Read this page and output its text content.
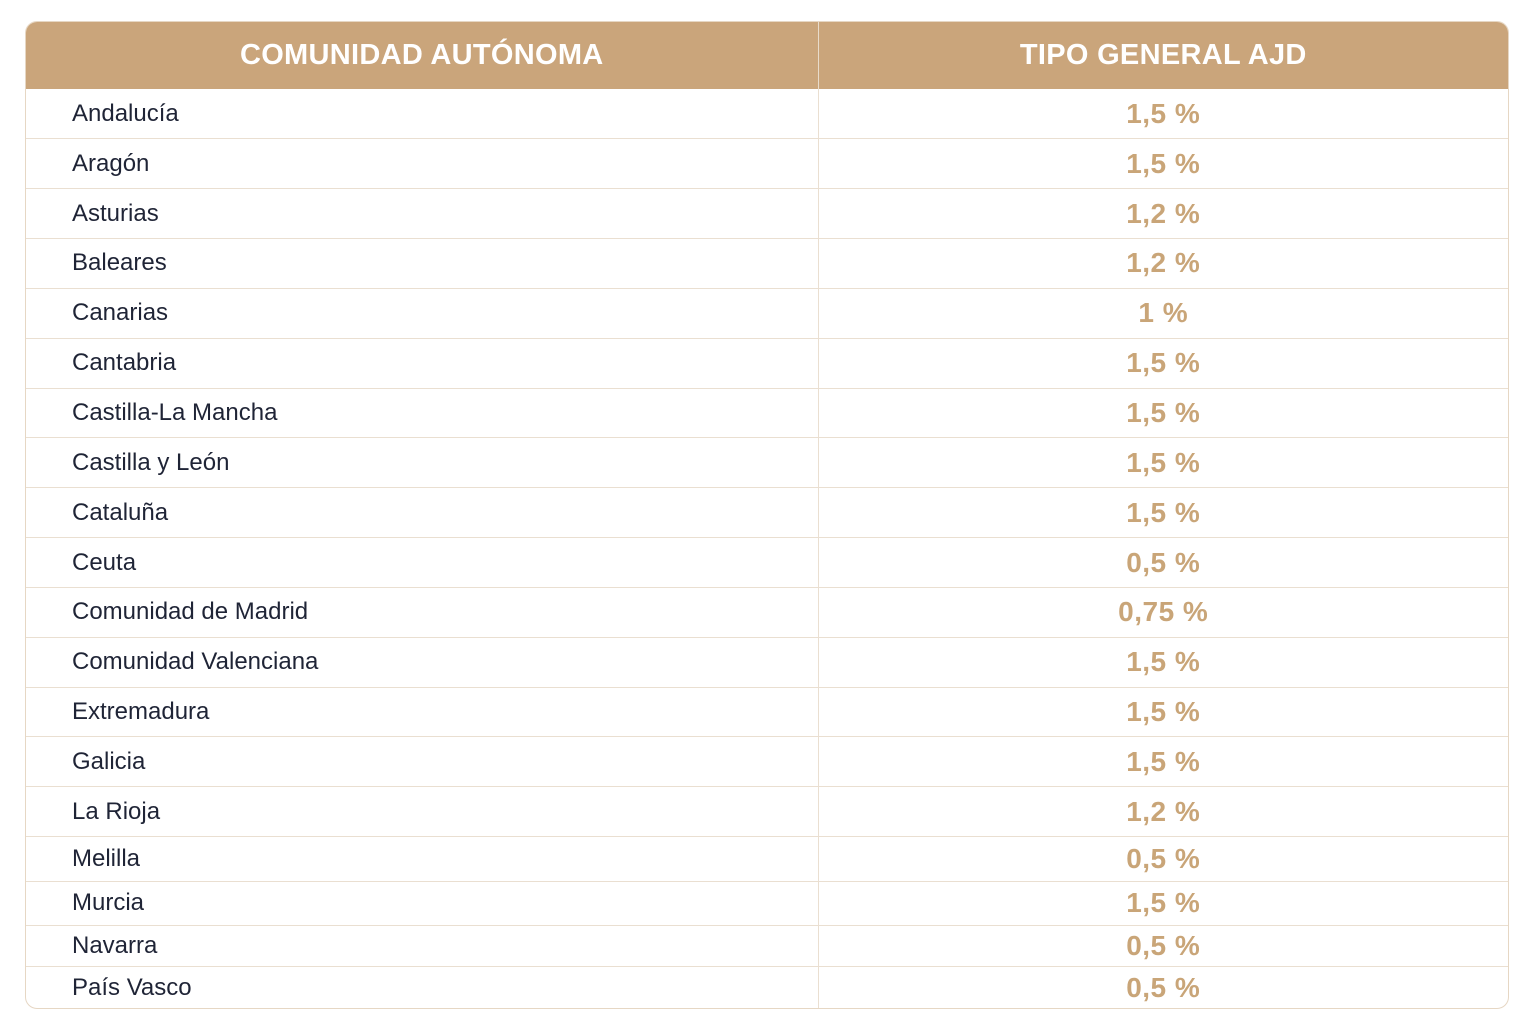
COMUNIDAD AUTÓNOMA	TIPO GENERAL AJD
Andalucía	1,5 %
Aragón	1,5 %
Asturias	1,2 %
Baleares	1,2 %
Canarias	1 %
Cantabria	1,5 %
Castilla-La Mancha	1,5 %
Castilla y León	1,5 %
Cataluña	1,5 %
Ceuta	0,5 %
Comunidad de Madrid	0,75 %
Comunidad Valenciana	1,5 %
Extremadura	1,5 %
Galicia	1,5 %
La Rioja	1,2 %
Melilla	0,5 %
Murcia	1,5 %
Navarra	0,5 %
País Vasco	0,5 %
